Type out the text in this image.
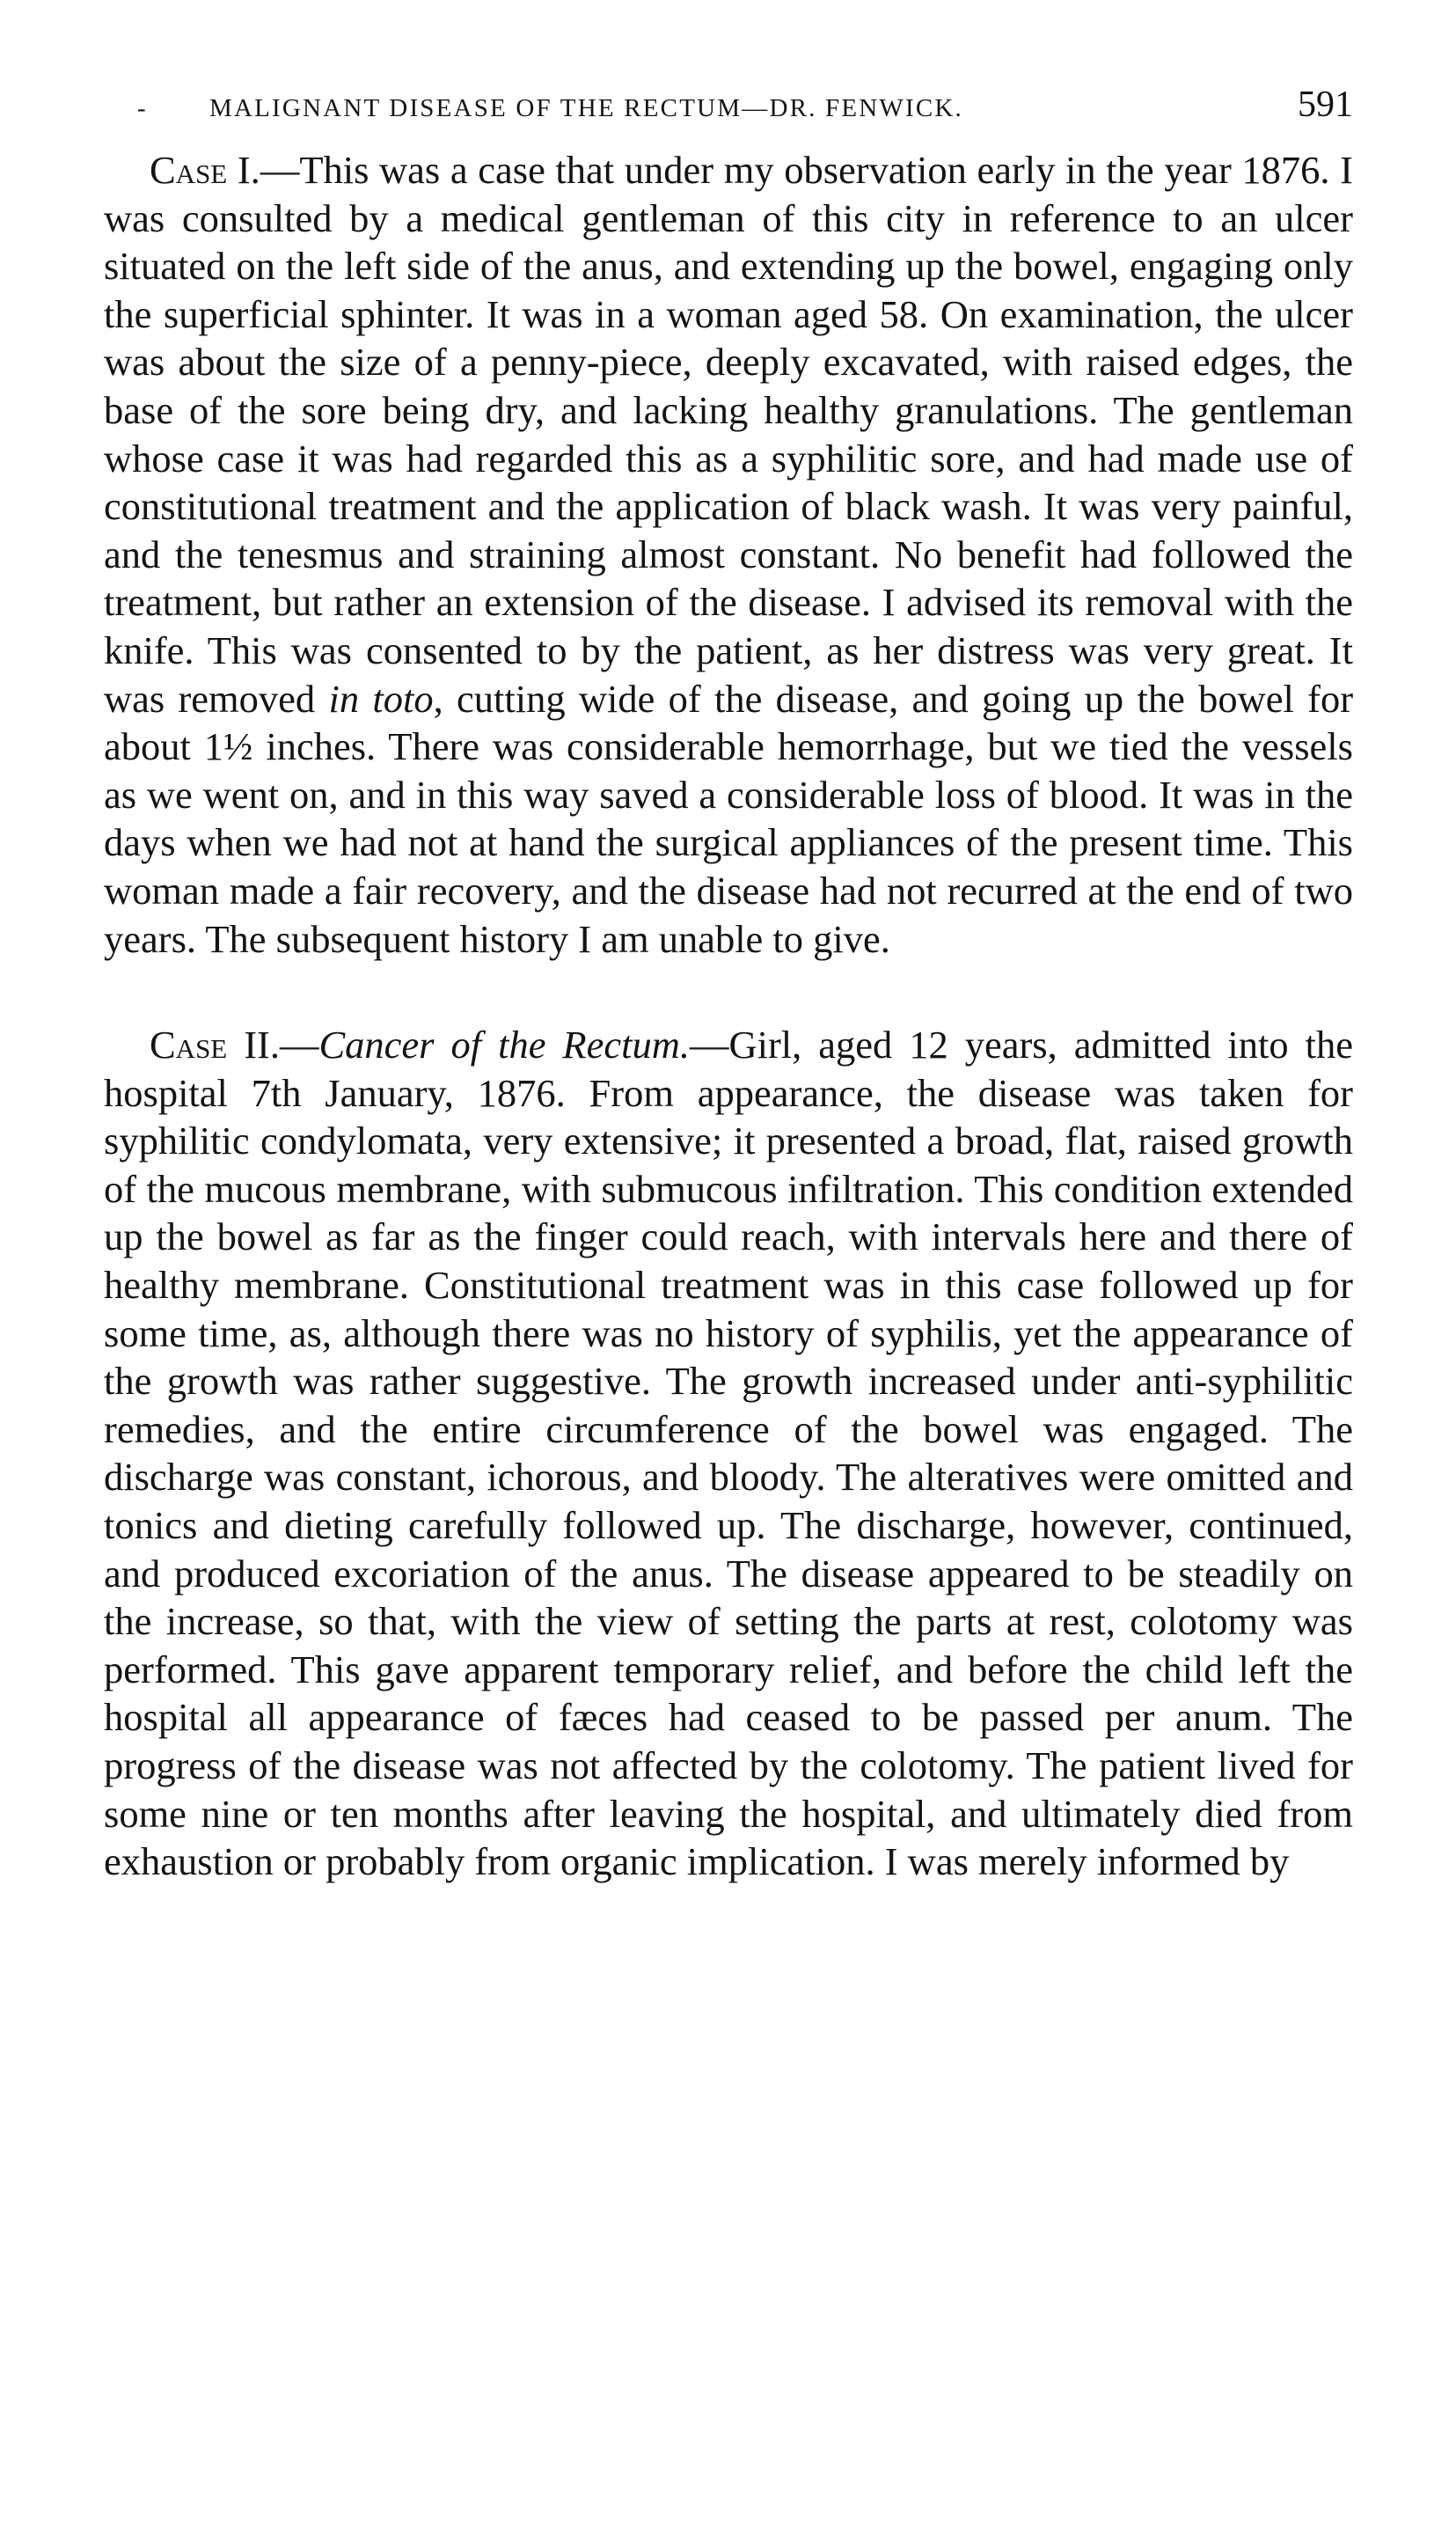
- MALIGNANT DISEASE OF THE RECTUM—DR. FENWICK.	591

Case I.—This was a case that under my observation early in the year 1876. I was consulted by a medical gentleman of this city in reference to an ulcer situated on the left side of the anus, and extending up the bowel, engaging only the superficial sphinter. It was in a woman aged 58. On examination, the ulcer was about the size of a penny-piece, deeply excavated, with raised edges, the base of the sore being dry, and lacking healthy granulations. The gentleman whose case it was had regarded this as a syphilitic sore, and had made use of constitutional treatment and the application of black wash. It was very painful, and the tenesmus and straining almost constant. No benefit had followed the treatment, but rather an extension of the disease. I advised its removal with the knife. This was consented to by the patient, as her distress was very great. It was removed in toto, cutting wide of the disease, and going up the bowel for about 1½ inches. There was considerable hemorrhage, but we tied the vessels as we went on, and in this way saved a considerable loss of blood. It was in the days when we had not at hand the surgical appliances of the present time. This woman made a fair recovery, and the disease had not recurred at the end of two years. The subsequent history I am unable to give.

Case II.—Cancer of the Rectum.—Girl, aged 12 years, admitted into the hospital 7th January, 1876. From appearance, the disease was taken for syphilitic condylomata, very extensive; it presented a broad, flat, raised growth of the mucous membrane, with submucous infiltration. This condition extended up the bowel as far as the finger could reach, with intervals here and there of healthy membrane. Constitutional treatment was in this case followed up for some time, as, although there was no history of syphilis, yet the appearance of the growth was rather suggestive. The growth increased under anti-syphilitic remedies, and the entire circumference of the bowel was engaged. The discharge was constant, ichorous, and bloody. The alteratives were omitted and tonics and dieting carefully followed up. The discharge, however, continued, and produced excoriation of the anus. The disease appeared to be steadily on the increase, so that, with the view of setting the parts at rest, colotomy was performed. This gave apparent temporary relief, and before the child left the hospital all appearance of fæces had ceased to be passed per anum. The progress of the disease was not affected by the colotomy. The patient lived for some nine or ten months after leaving the hospital, and ultimately died from exhaustion or probably from organic implication. I was merely informed by
